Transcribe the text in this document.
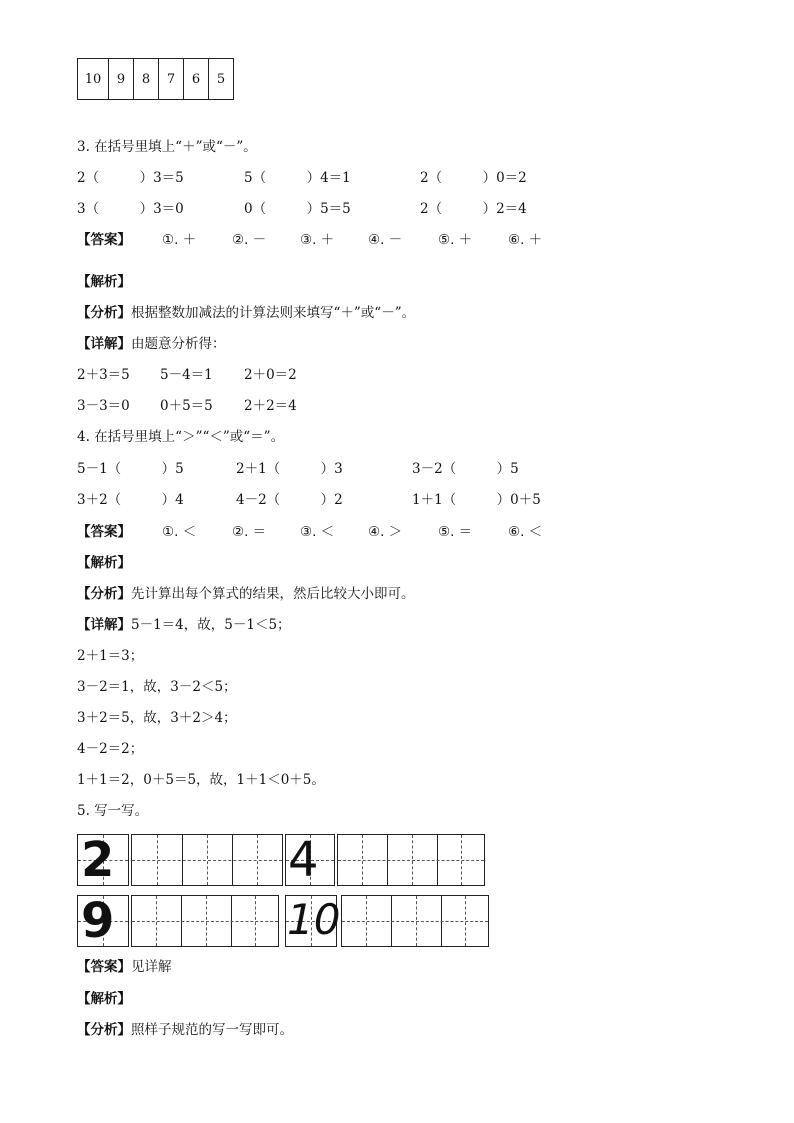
10	9	8	7	6	5
3. 在括号里填上“＋”或“－”。
2（　　　）3＝5	5（　　　）4＝1	2（　　　）0＝2
3（　　　）3＝0	0（　　　）5＝5	2（　　　）2＝4
【答案】 ①. ＋	②. －	③. ＋	④. －	⑤. ＋	⑥. ＋
【解析】
【分析】根据整数加减法的计算法则来填写“＋”或“－”。
【详解】由题意分析得：
2＋3＝5 5－4＝1 2＋0＝2
3－3＝0 0＋5＝5 2＋2＝4
4. 在括号里填上“＞”“＜”或“＝”。
5－1（　　　）5	2＋1（　　　）3	3－2（　　　）5
3＋2（　　　）4	4－2（　　　）2	1＋1（　　　）0＋5
【答案】 ①. ＜	②. ＝	③. ＜	④. ＞	⑤. ＝	⑥. ＜
【解析】
【分析】先计算出每个算式的结果，然后比较大小即可。
【详解】5－1＝4，故，5－1＜5；
2＋1＝3；
3－2＝1，故，3－2＜5；
3＋2＝5，故，3＋2＞4；
4－2＝2；
1＋1＝2，0＋5＝5，故，1＋1＜0＋5。
5. 写一写。
2	4
9	10
【答案】见详解
【解析】
【分析】照样子规范的写一写即可。
